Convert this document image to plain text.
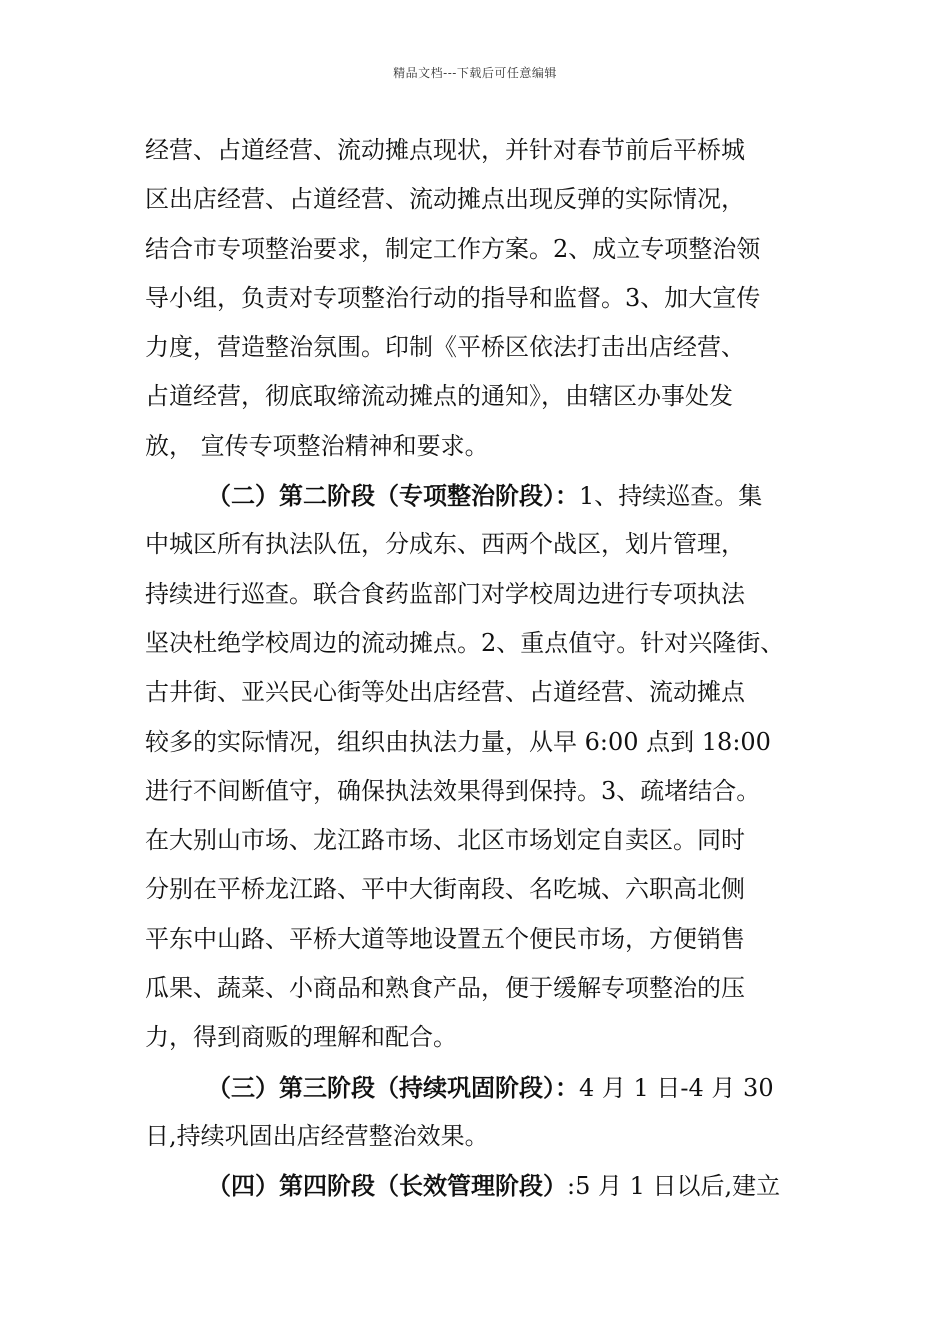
精品文档---下载后可任意编辑
经营、占道经营、流动摊点现状，并针对春节前后平桥城
区出店经营、占道经营、流动摊点出现反弹的实际情况，
结合市专项整治要求，制定工作方案。2、成立专项整治领
导小组，负责对专项整治行动的指导和监督。3、加大宣传
力度，营造整治氛围。印制《平桥区依法打击出店经营、
占道经营，彻底取缔流动摊点的通知》，由辖区办事处发
放， 宣传专项整治精神和要求。
（二）第二阶段（专项整治阶段）：1、持续巡查。集
中城区所有执法队伍，分成东、西两个战区，划片管理，
持续进行巡查。联合食药监部门对学校周边进行专项执法
坚决杜绝学校周边的流动摊点。2、重点值守。针对兴隆街、
古井街、亚兴民心街等处出店经营、占道经营、流动摊点
较多的实际情况，组织由执法力量，从早 6:00 点到 18:00
进行不间断值守，确保执法效果得到保持。3、疏堵结合。
在大别山市场、龙江路市场、北区市场划定自卖区。同时
分别在平桥龙江路、平中大街南段、名吃城、六职高北侧
平东中山路、平桥大道等地设置五个便民市场，方便销售
瓜果、蔬菜、小商品和熟食产品，便于缓解专项整治的压
力，得到商贩的理解和配合。
（三）第三阶段（持续巩固阶段）：4 月 1 日-4 月 30
日,持续巩固出店经营整治效果。
（四）第四阶段（长效管理阶段）:5 月 1 日以后,建立
